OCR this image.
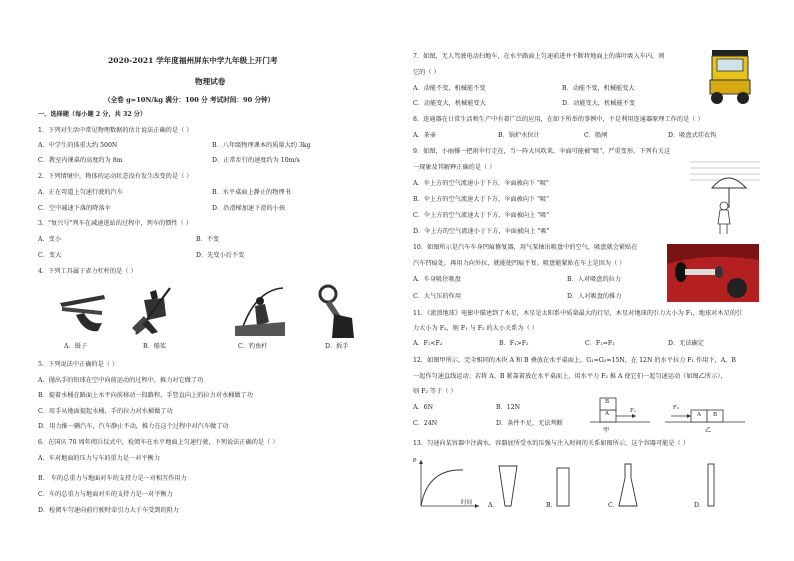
2020-2021 学年度福州屏东中学九年级上开门考
物理试卷
（全卷 g=10N/kg 满分：100 分 考试时间：90 分钟）
一、选择题（每小题 2 分，共 32 分）
1．下列对生活中常见物理数据的估计说法正确的是（ ）
A．中学生的体重大约 500N	B．八年级物理课本的质量大约 3kg
C．教室内课桌的高度约为 8m	D．正常步行的速度约为 10m/s
2．下列情境中，物体的运动状态没有发生改变的是（ ）
A．正在弯道上匀速行驶的汽车	B．水平桌面上静止的物理书
C．空中减速下落的降落伞	D．沿滑梯加速下滑的小孩
3．"复兴号"列车在减速进站的过程中，列车的惯性（ ）
A．变小	B．不变
C．变大	D．先变小后不变
4．下列工具属于省力杠杆的是（ ）
A．镊子	B．船桨	C．钓鱼杆	D．扳手
5．下列说法中正确的是（ ）
A．抛出手的铅球在空中向前运动的过程中，推力对它做了功
B．提着水桶在路面上水平向前移动一段路程，手竖直向上的拉力对水桶做了功
C．用手从地面提起水桶，手的拉力对水桶做了功
D．用力推一辆汽车，汽车静止不动，推力在这个过程中对汽车做了功
6．在国庆 70 周年阅兵仪式中，检阅车在水平地面上匀速行驶，下列说法正确的是（ ）
A．车对地面的压力与车的重力是一对平衡力
B． 车的总重力与地面对车的支持力是一对相互作用力
C．车的总重力与地面对车的支持力是一对平衡力
D．检阅车匀速向前行驶时牵引力大于车受到的阻力
7．如图，无人驾驶电动扫地车，在水平路面上匀速前进并不断将地面上的落叶吸入车内，则
它的（ ）
A．动能不变，机械能不变	B．动能不变，机械能变大
C．动能变大，机械能变大	D．动能变大，机械能不变
8．连通器在日常生活和生产中有着广泛的应用，在如下所举的事例中，不是利用连通器原理工作的是（ ）
A．茶壶	B．锅炉水位计	C．船闸	D．吸盘式挂衣钩
9．如图，小丽撑一把雨伞行走在，当一阵大风吹来，伞面可能被"吸"，严重变形，下列有关这
一现象及其解释正确的是（ ）
A．伞上方的空气流速小于下方，伞面被向下 "吸"
B．伞上方的空气流速大于下方，伞面被向下 "吸"
C．伞上方的空气流速大于下方，伞面被向上 "吸"
D．伞上方的空气流速小于下方，伞面被向上 "吸"
10．如图所示是汽车车身凹痕修复器，用气泵抽出吸盘中的空气，吸盘就会紧贴在
汽车凹痕处，再用力向外拉，就能使凹痕平复。吸盘能紧贴在车上是因为（ ）
A．车身吸住吸盘	B．人对吸盘的拉力
C．大气压的作用	D．人对吸盘的推力
11．《流浪地球》电影中描述到了木星，木星是太阳系中质量最大的行星，木星对地球的引力大小为 F₁，地球对木星的引
力大小为 F₂，则 F₁ 与 F₂ 的大小关系为（ ）
A．F₁<F₂	B．F₁>F₂	C．F₁=F₂	D．无法确定
12．如图甲所示，完全相同的木块 A 和 B 叠放在水平桌面上，G₁=G₂=15N，在 12N 的水平拉力 F₁ 作用下，A、B
一起作匀速直线运动；若将 A、B 紧靠着放在水平桌面上，用水平力 F₂ 推 A 使它们一起匀速运动（如图乙所示），
则 F₂ 等于（ ）
A．6N	B．12N
C．24N	D．条件不足，无法判断
B
A	F₁
甲
F₂
A B
乙
13．匀速向某容器中注满水，容器底所受水的压强与注入时间的关系如图所示，这个容器可能是（ ）
p
时间	A．	B．	C．	D．
